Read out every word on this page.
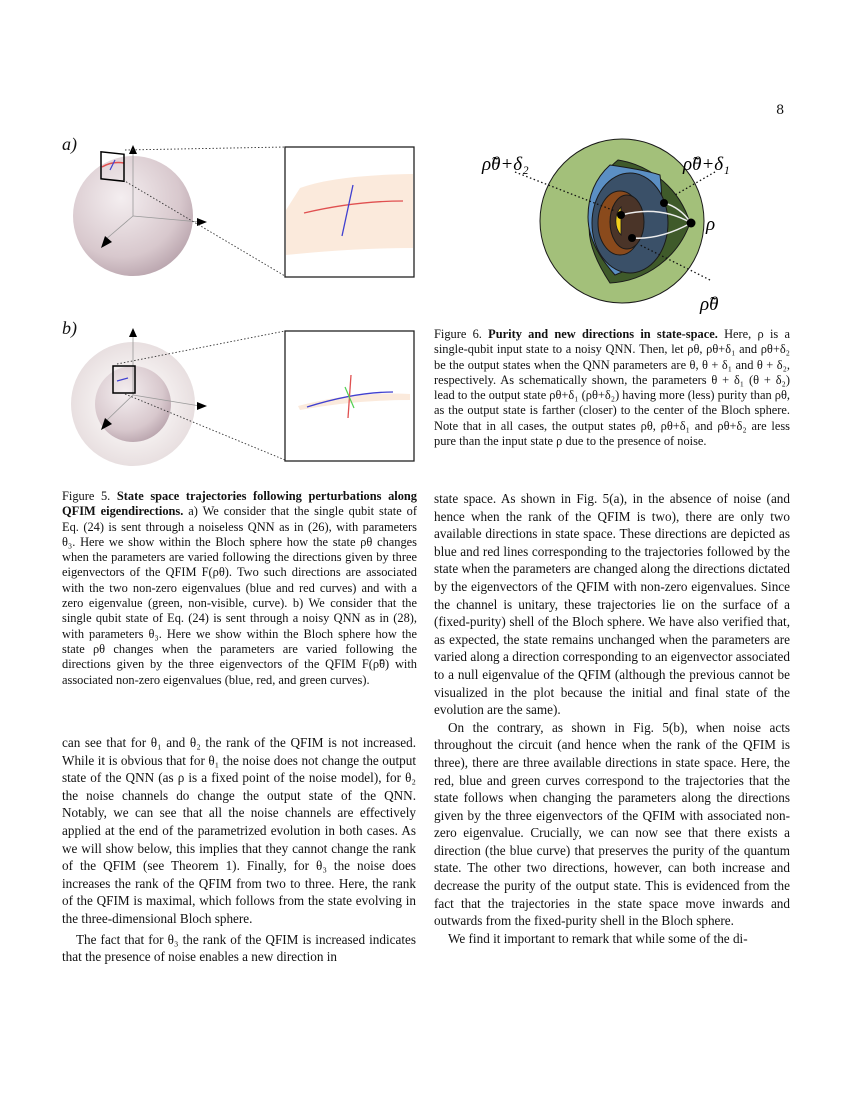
8
a)
b)
Figure 5. State space trajectories following perturbations along QFIM eigendirections. a) We consider that the single qubit state of Eq. (24) is sent through a noiseless QNN as in (26), with parameters θ₃. Here we show within the Bloch sphere how the state ρθ changes when the parameters are varied following the directions given by three eigenvectors of the QFIM F(ρθ). Two such directions are associated with the two non-zero eigenvalues (blue and red curves) and with a zero eigenvalue (green, non-visible, curve). b) We consider that the single qubit state of Eq. (24) is sent through a noisy QNN as in (28), with parameters θ₃. Here we show within the Bloch sphere how the state ρθ changes when the parameters are varied following the directions given by the three eigenvectors of the QFIM F(ρ̃θ) with associated non-zero eigenvalues (blue, red, and green curves).
ρ̃θ+δ₂	ρ̃θ+δ₁
ρ
ρ̃θ
Figure 6. Purity and new directions in state-space. Here, ρ is a single-qubit input state to a noisy QNN. Then, let ρθ, ρθ+δ₁ and ρθ+δ₂ be the output states when the QNN parameters are θ, θ + δ₁ and θ + δ₂, respectively. As schematically shown, the parameters θ + δ₁ (θ + δ₂) lead to the output state ρθ+δ₁ (ρθ+δ₂) having more (less) purity than ρθ, as the output state is farther (closer) to the center of the Bloch sphere. Note that in all cases, the output states ρθ, ρθ+δ₁ and ρθ+δ₂ are less pure than the input state ρ due to the presence of noise.

can see that for θ₁ and θ₂ the rank of the QFIM is not increased. While it is obvious that for θ₁ the noise does not change the output state of the QNN (as ρ is a fixed point of the noise model), for θ₂ the noise channels do change the output state of the QNN. Notably, we can see that all the noise channels are effectively applied at the end of the parametrized evolution in both cases. As we will show below, this implies that they cannot change the rank of the QFIM (see Theorem 1). Finally, for θ₃ the noise does increases the rank of the QFIM from two to three. Here, the rank of the QFIM is maximal, which follows from the state evolving in the three-dimensional Bloch sphere.

The fact that for θ₃ the rank of the QFIM is increased indicates that the presence of noise enables a new direction in

state space. As shown in Fig. 5(a), in the absence of noise (and hence when the rank of the QFIM is two), there are only two available directions in state space. These directions are depicted as blue and red lines corresponding to the trajectories followed by the state when the parameters are changed along the directions dictated by the eigenvectors of the QFIM with non-zero eigenvalues. Since the channel is unitary, these trajectories lie on the surface of a (fixed-purity) shell of the Bloch sphere. We have also verified that, as expected, the state remains unchanged when the parameters are varied along a direction corresponding to an eigenvector associated to a null eigenvalue of the QFIM (although the previous cannot be visualized in the plot because the initial and final state of the evolution are the same).

On the contrary, as shown in Fig. 5(b), when noise acts throughout the circuit (and hence when the rank of the QFIM is three), there are three available directions in state space. Here, the red, blue and green curves correspond to the trajectories that the state follows when changing the parameters along the directions given by the three eigenvectors of the QFIM with associated non-zero eigenvalue. Crucially, we can now see that there exists a direction (the blue curve) that preserves the purity of the quantum state. The other two directions, however, can both increase and decrease the purity of the output state. This is evidenced from the fact that the trajectories in the state space move inwards and outwards from the fixed-purity shell in the Bloch sphere.

We find it important to remark that while some of the di-
